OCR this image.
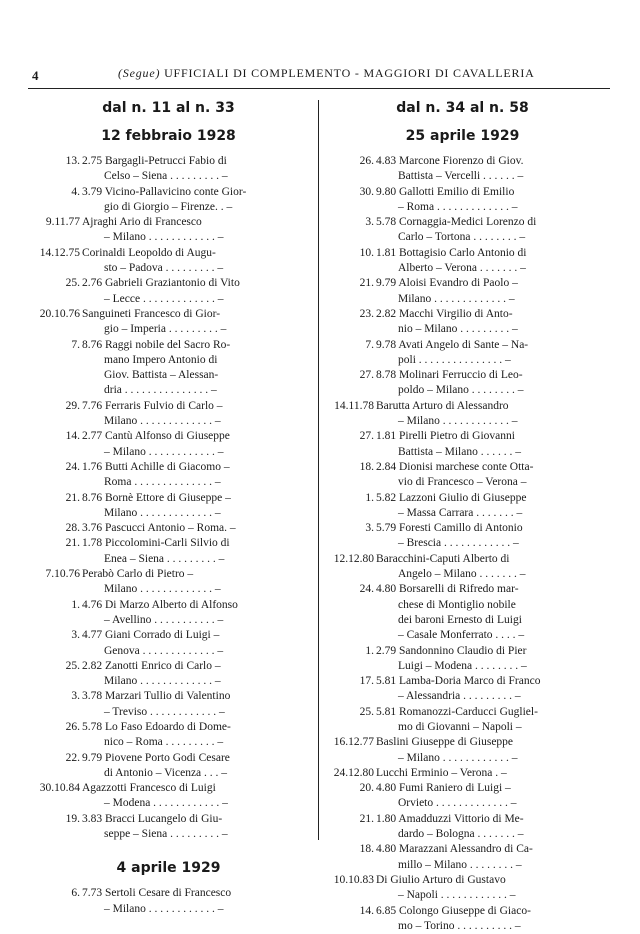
4	(Segue) UFFICIALI DI COMPLEMENTO - MAGGIORI DI CAVALLERIA
dal n. 11 al n. 33
12 febbraio 1928
13. 2.75 Bargagli-Petrucci Fabio di
Celso – Siena . . . . . . . . . –
4. 3.79 Vicino-Pallavicino conte Gior-
gio di Giorgio – Firenze. . –
9.11.77 Ajraghi Ario di Francesco
– Milano . . . . . . . . . . . . –
14.12.75 Corinaldi Leopoldo di Augu-
sto – Padova . . . . . . . . . –
25. 2.76 Gabrieli Graziantonio di Vito
– Lecce . . . . . . . . . . . . . –
20.10.76 Sanguineti Francesco di Gior-
gio – Imperia . . . . . . . . . –
7. 8.76 Raggi nobile del Sacro Ro-
mano Impero Antonio di
Giov. Battista – Alessan-
dria . . . . . . . . . . . . . . . –
29. 7.76 Ferraris Fulvio di Carlo –
Milano . . . . . . . . . . . . . –
14. 2.77 Cantù Alfonso di Giuseppe
– Milano . . . . . . . . . . . . –
24. 1.76 Butti Achille di Giacomo –
Roma . . . . . . . . . . . . . . –
21. 8.76 Bornè Ettore di Giuseppe –
Milano . . . . . . . . . . . . . –
28. 3.76 Pascucci Antonio – Roma. –
21. 1.78 Piccolomini-Carli Silvio di
Enea – Siena . . . . . . . . . –
7.10.76 Perabò Carlo di Pietro –
Milano . . . . . . . . . . . . . –
1. 4.76 Di Marzo Alberto di Alfonso
– Avellino . . . . . . . . . . . –
3. 4.77 Giani Corrado di Luigi –
Genova . . . . . . . . . . . . . –
25. 2.82 Zanotti Enrico di Carlo –
Milano . . . . . . . . . . . . . –
3. 3.78 Marzari Tullio di Valentino
– Treviso . . . . . . . . . . . . –
26. 5.78 Lo Faso Edoardo di Dome-
nico – Roma . . . . . . . . . –
22. 9.79 Piovene Porto Godi Cesare
di Antonio – Vicenza . . . –
30.10.84 Agazzotti Francesco di Luigi
– Modena . . . . . . . . . . . . –
19. 3.83 Bracci Lucangelo di Giu-
seppe – Siena . . . . . . . . . –
4 aprile 1929
6. 7.73 Sertoli Cesare di Francesco
– Milano . . . . . . . . . . . . –
dal n. 34 al n. 58
25 aprile 1929
26. 4.83 Marcone Fiorenzo di Giov.
Battista – Vercelli . . . . . . –
30. 9.80 Gallotti Emilio di Emilio
– Roma . . . . . . . . . . . . . –
3. 5.78 Cornaggia-Medici Lorenzo di
Carlo – Tortona . . . . . . . . –
10. 1.81 Bottagisio Carlo Antonio di
Alberto – Verona . . . . . . . –
21. 9.79 Aloisi Evandro di Paolo –
Milano . . . . . . . . . . . . . –
23. 2.82 Macchi Virgilio di Anto-
nio – Milano . . . . . . . . . –
7. 9.78 Avati Angelo di Sante – Na-
poli . . . . . . . . . . . . . . . –
27. 8.78 Molinari Ferruccio di Leo-
poldo – Milano . . . . . . . . –
14.11.78 Barutta Arturo di Alessandro
– Milano . . . . . . . . . . . . –
27. 1.81 Pirelli Pietro di Giovanni
Battista – Milano . . . . . . –
18. 2.84 Dionisi marchese conte Otta-
vio di Francesco – Verona –
1. 5.82 Lazzoni Giulio di Giuseppe
– Massa Carrara . . . . . . . –
3. 5.79 Foresti Camillo di Antonio
– Brescia . . . . . . . . . . . . –
12.12.80 Baracchini-Caputi Alberto di
Angelo – Milano . . . . . . . –
24. 4.80 Borsarelli di Rifredo mar-
chese di Montiglio nobile
dei baroni Ernesto di Luigi
– Casale Monferrato . . . . –
1. 2.79 Sandonnino Claudio di Pier
Luigi – Modena . . . . . . . . –
17. 5.81 Lamba-Doria Marco di Franco
– Alessandria . . . . . . . . . –
25. 5.81 Romanozzi-Carducci Gugliel-
mo di Giovanni – Napoli –
16.12.77 Baslini Giuseppe di Giuseppe
– Milano . . . . . . . . . . . . –
24.12.80 Lucchi Erminio – Verona . –
20. 4.80 Fumi Raniero di Luigi –
Orvieto . . . . . . . . . . . . . –
21. 1.80 Amadduzzi Vittorio di Me-
dardo – Bologna . . . . . . . –
18. 4.80 Marazzani Alessandro di Ca-
millo – Milano . . . . . . . . –
10.10.83 Di Giulio Arturo di Gustavo
– Napoli . . . . . . . . . . . . –
14. 6.85 Colongo Giuseppe di Giaco-
mo – Torino . . . . . . . . . . –
